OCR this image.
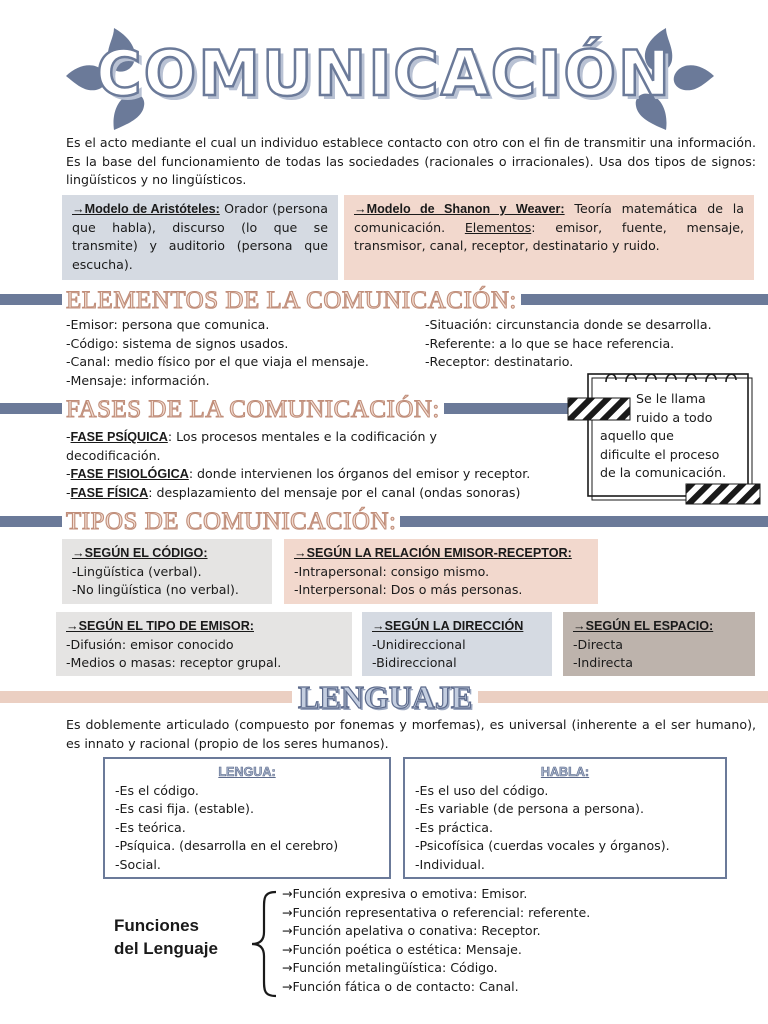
COMUNICACIÓN
Es el acto mediante el cual un individuo establece contacto con otro con el fin de transmitir una información. Es la base del funcionamiento de todas las sociedades (racionales o irracionales). Usa dos tipos de signos: lingüísticos y no lingüísticos.
→Modelo de Aristóteles: Orador (persona que habla), discurso (lo que se transmite) y auditorio (persona que escucha).
→Modelo de Shanon y Weaver: Teoría matemática de la comunicación. Elementos: emisor, fuente, mensaje, transmisor, canal, receptor, destinatario y ruido.
ELEMENTOS DE LA COMUNICACIÓN:
-Emisor: persona que comunica.
-Código: sistema de signos usados.
-Canal: medio físico por el que viaja el mensaje.
-Mensaje: información.
-Situación: circunstancia donde se desarrolla.
-Referente: a lo que se hace referencia.
-Receptor: destinatario.
FASES DE LA COMUNICACIÓN:
-FASE PSÍQUICA: Los procesos mentales e la codificación y
decodificación.
-FASE FISIOLÓGICA: donde intervienen los órganos del emisor y receptor.
-FASE FÍSICA: desplazamiento del mensaje por el canal (ondas sonoras)
Se le llama
ruido a todo
aquello que
dificulte el proceso
de la comunicación.
TIPOS DE COMUNICACIÓN:
→SEGÚN EL CÓDIGO:
-Lingüística (verbal).
-No lingüística (no verbal).
→SEGÚN LA RELACIÓN EMISOR-RECEPTOR:
-Intrapersonal: consigo mismo.
-Interpersonal: Dos o más personas.
→SEGÚN EL TIPO DE EMISOR:
-Difusión: emisor conocido
-Medios o masas: receptor grupal.
→SEGÚN LA DIRECCIÓN
-Unidireccional
-Bidireccional
→SEGÚN EL ESPACIO:
-Directa
-Indirecta
LENGUAJE
Es doblemente articulado (compuesto por fonemas y morfemas), es universal (inherente a el ser humano), es innato y racional (propio de los seres humanos).
LENGUA:
-Es el código.
-Es casi fija. (estable).
-Es teórica.
-Psíquica. (desarrolla en el cerebro)
-Social.
HABLA:
-Es el uso del código.
-Es variable (de persona a persona).
-Es práctica.
-Psicofísica (cuerdas vocales y órganos).
-Individual.
Funciones
del Lenguaje
→Función expresiva o emotiva: Emisor.
→Función representativa o referencial: referente.
→Función apelativa o conativa: Receptor.
→Función poética o estética: Mensaje.
→Función metalingüística: Código.
→Función fática o de contacto: Canal.
